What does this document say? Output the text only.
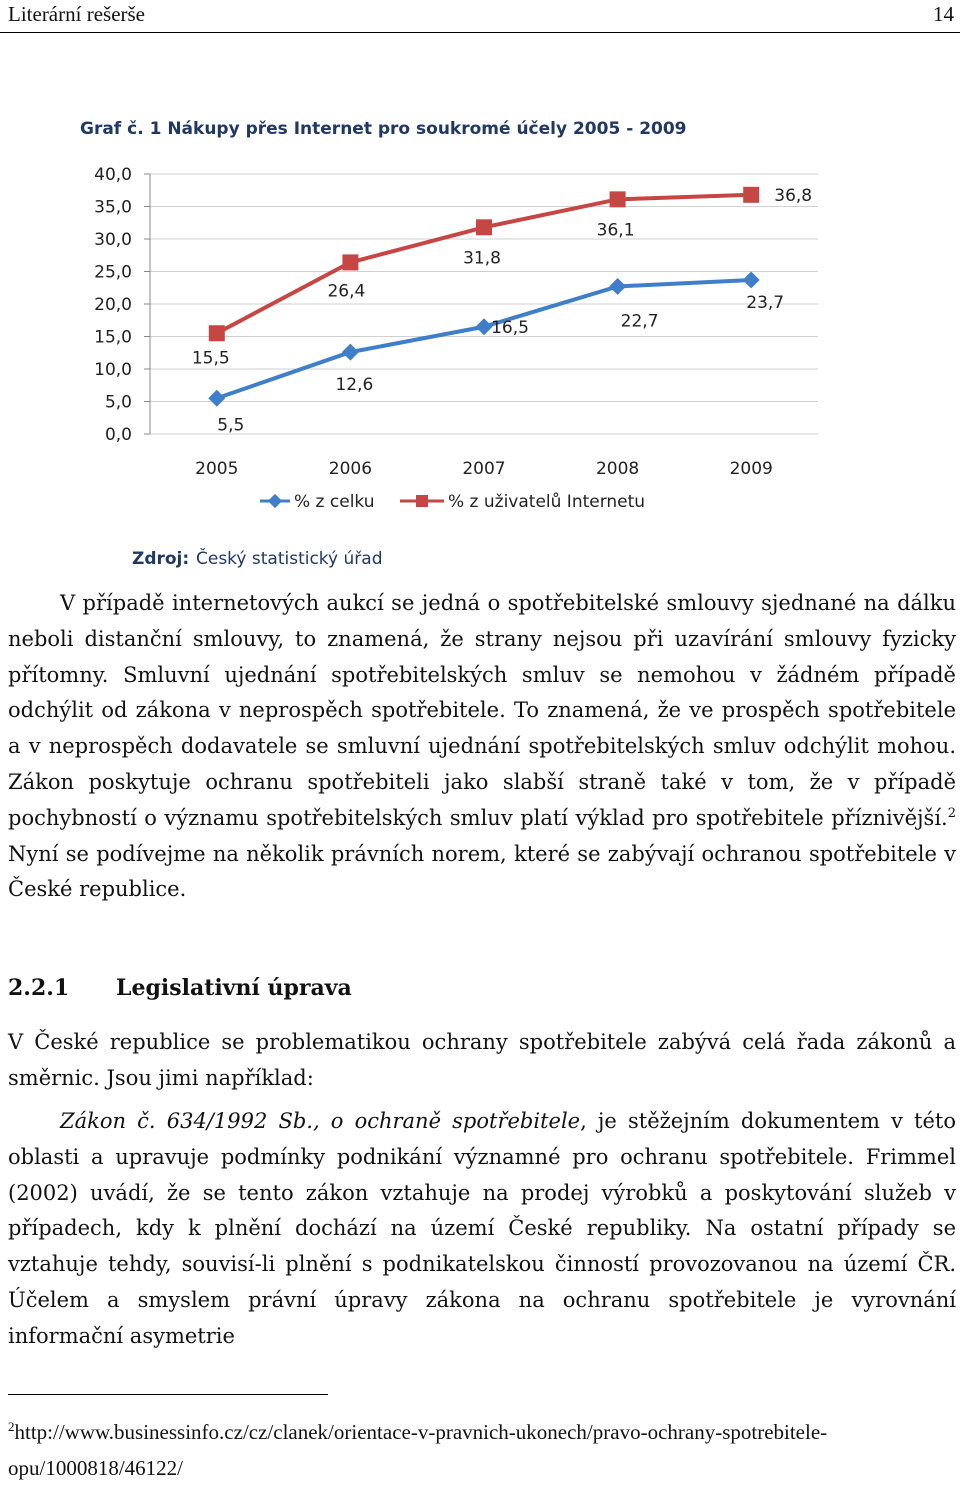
Literární rešerše	14
Graf č. 1 Nákupy přes Internet pro soukromé účely 2005 - 2009
0,0
5,0
10,0
15,0
20,0
25,0
30,0
35,0
40,0
2005	2006	2007	2008	2009
5,5
12,6
16,5	22,7
23,7
15,5
26,4
31,8
36,1
36,8
% z celku	% z uživatelů Internetu
Zdroj: Český statistický úřad
V případě internetových aukcí se jedná o spotřebitelské smlouvy sjednané na dálku neboli distanční smlouvy, to znamená, že strany nejsou při uzavírání smlouvy fyzicky přítomny. Smluvní ujednání spotřebitelských smluv se nemohou v žádném případě odchýlit od zákona v neprospěch spotřebitele. To znamená, že ve prospěch spotřebitele a v neprospěch dodavatele se smluvní ujednání spotřebitelských smluv odchýlit mohou. Zákon poskytuje ochranu spotřebiteli jako slabší straně také v tom, že v případě pochybností o významu spotřebitelských smluv platí výklad pro spotřebitele příznivější.$^2$ Nyní se podívejme na několik právních norem, které se zabývají ochranou spotřebitele v České republice.
2.2.1 Legislativní úprava
V České republice se problematikou ochrany spotřebitele zabývá celá řada zákonů a směrnic. Jsou jimi například:
Zákon č. 634/1992 Sb., o ochraně spotřebitele, je stěžejním dokumentem v této oblasti a upravuje podmínky podnikání významné pro ochranu spotřebitele. Frimmel (2002) uvádí, že se tento zákon vztahuje na prodej výrobků a poskytování služeb v případech, kdy k plnění dochází na území České republiky. Na ostatní případy se vztahuje tehdy, souvisí-li plnění s podnikatelskou činností provozovanou na území ČR. Účelem a smyslem právní úpravy zákona na ochranu spotřebitele je vyrovnání informační asymetrie
$^2$http://www.businessinfo.cz/cz/clanek/orientace-v-pravnich-ukonech/pravo-ochrany-spotrebitele-opu/1000818/46122/
